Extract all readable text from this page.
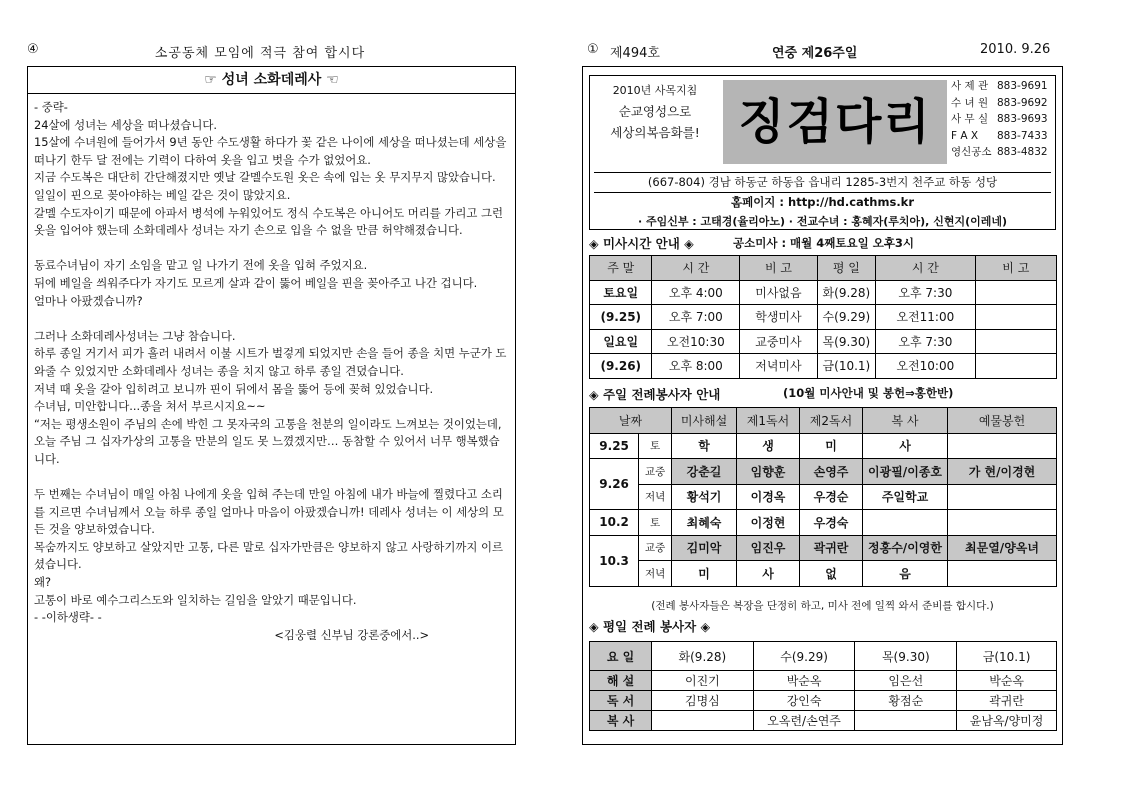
④	소공동체 모임에 적극 참여 합시다
☞ 성녀 소화데레사 ☜

- 중략-

24살에 성녀는 세상을 떠나셨습니다.

15살에 수녀원에 들어가서 9년 동안 수도생활 하다가 꽃 같은 나이에 세상을 떠나셨는데 세상을 떠나기 한두 달 전에는 기력이 다하여 옷을 입고 벗을 수가 없었어요.

지금 수도복은 대단히 간단해졌지만 옛날 갈멜수도원 옷은 속에 입는 옷 무지무지 많았습니다.

일일이 핀으로 꽂아야하는 베일 같은 것이 많았지요.

갈멜 수도자이기 때문에 아파서 병석에 누워있어도 정식 수도복은 아니어도 머리를 가리고 그런 옷을 입어야 했는데 소화데레사 성녀는 자기 손으로 입을 수 없을 만큼 허약해졌습니다.

동료수녀님이 자기 소임을 맡고 일 나가기 전에 옷을 입혀 주었지요.

뒤에 베일을 씌워주다가 자기도 모르게 살과 같이 뚫어 베일을 핀을 꽂아주고 나간 겁니다.

얼마나 아팠겠습니까?

그러나 소화데레사성녀는 그냥 참습니다.

하루 종일 거기서 피가 흘러 내려서 이불 시트가 벌겋게 되었지만 손을 들어 종을 치면 누군가 도와줄 수 있었지만 소화데레사 성녀는 종을 치지 않고 하루 종일 견뎠습니다.

저녁 때 옷을 갈아 입히려고 보니까 핀이 뒤에서 몸을 뚫어 등에 꽂혀 있었습니다.

수녀님, 미안합니다...종을 쳐서 부르시지요~~

“저는 평생소원이 주님의 손에 박힌 그 못자국의 고통을 천분의 일이라도 느껴보는 것이었는데, 오늘 주님 그 십자가상의 고통을 만분의 일도 못 느꼈겠지만… 동참할 수 있어서 너무 행복했습니다.

두 번째는 수녀님이 매일 아침 나에게 옷을 입혀 주는데 만일 아침에 내가 바늘에 찔렸다고 소리를 지르면 수녀님께서 오늘 하루 종일 얼마나 마음이 아팠겠습니까! 데레사 성녀는 이 세상의 모든 것을 양보하였습니다.

목숨까지도 양보하고 살았지만 고통, 다른 말로 십자가만큼은 양보하지 않고 사랑하기까지 이르셨습니다.

왜?

고통이 바로 예수그리스도와 일치하는 길임을 알았기 때문입니다.

- -이하생략- -

<김웅렬 신부님 강론중에서..>
① 제494호	연중 제26주일	2010. 9.26
2010년 사목지침
순교영성으로
세상의복음화를! 징검다리
사 제 관 883-9691
수 녀 원 883-9692
사 무 실 883-9693
F A X	883-7433
영신공소 883-4832
(667-804) 경남 하동군 하동읍 읍내리 1285-3번지 천주교 하동 성당
홈페이지 : http://hd.cathms.kr
· 주임신부 : 고태경(율리아노) · 전교수녀 : 홍혜자(루치아), 신현지(이레네)
◈ 미사시간 안내 ◈	공소미사 : 매월 4째토요일 오후3시
주 말	시 간	비 고	평 일	시 간	비 고
토요일	오후 4:00	미사없음	화(9.28)	오후 7:30	
(9.25)	오후 7:00	학생미사	수(9.29)	오전11:00	
일요일	오전10:30	교중미사	목(9.30)	오후 7:30	
(9.26)	오후 8:00	저녁미사	금(10.1)	오전10:00	
◈ 주일 전례봉사자 안내	(10월 미사안내 및 봉헌⇒홍한반)
날짜		미사해설	제1독서	제2독서	복 사	예물봉헌
9.25	토	학	생	미	사	
9.26	교중	강춘길	임향훈	손영주	이광필/이종호	가 현/이경현
	저녁	황석기	이경옥	우경순	주일학교	
10.2	토	최혜숙	이정현	우경숙		
10.3	교중	김미악	임진우	곽귀란	정홍수/이영한	최문열/양옥녀
	저녁	미	사	없	음	
(전례 봉사자들은 복장을 단정히 하고, 미사 전에 일찍 와서 준비를 합시다.)
◈ 평일 전례 봉사자 ◈
요 일	화(9.28)	수(9.29)	목(9.30)	금(10.1)
해 설	이진기	박순옥	임은선	박순옥
독 서	김명심	강인숙	황점순	곽귀란
복 사		오옥련/손연주		윤남옥/양미정
